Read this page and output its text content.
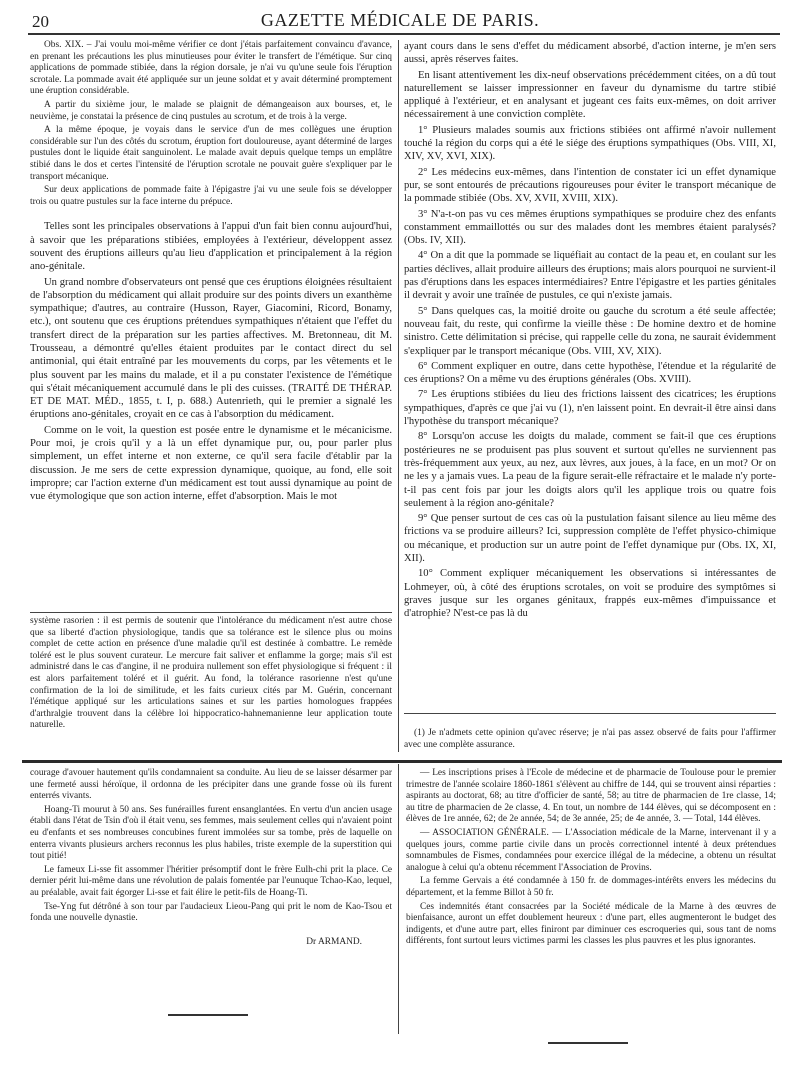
20	GAZETTE MÉDICALE DE PARIS.

Obs. XIX. – J'ai voulu moi-même vérifier ce dont j'étais parfaitement convaincu d'avance, en prenant les précautions les plus minutieuses pour éviter le transfert de l'émétique. Sur cinq applications de pommade stibiée, dans la région dorsale, je n'ai vu qu'une seule fois l'éruption scrotale. La pommade avait été appliquée sur un jeune soldat et y avait déterminé promptement une éruption considérable.

A partir du sixième jour, le malade se plaignit de démangeaison aux bourses, et, le neuvième, je constatai la présence de cinq pustules au scrotum, et de trois à la verge.

A la même époque, je voyais dans le service d'un de mes collègues une éruption considérable sur l'un des côtés du scrotum, éruption fort douloureuse, ayant déterminé de larges pustules dont le liquide était sanguinolent. Le malade avait depuis quelque temps un emplâtre stibié dans le dos et certes l'intensité de l'éruption scrotale ne pouvait guère s'expliquer par le transport mécanique.

Sur deux applications de pommade faite à l'épigastre j'ai vu une seule fois se développer trois ou quatre pustules sur la face interne du prépuce.

Telles sont les principales observations à l'appui d'un fait bien connu aujourd'hui, à savoir que les préparations stibiées, employées à l'extérieur, développent assez souvent des éruptions ailleurs qu'au lieu d'application et principalement à la région ano-génitale.

Un grand nombre d'observateurs ont pensé que ces éruptions éloignées résultaient de l'absorption du médicament qui allait produire sur des points divers un exanthème sympathique; d'autres, au contraire (Husson, Rayer, Giacomini, Ricord, Bonamy, etc.), ont soutenu que ces éruptions prétendues sympathiques n'étaient que l'effet du transfert direct de la préparation sur les parties affectives. M. Bretonneau, dit M. Trousseau, a démontré qu'elles étaient produites par le contact direct du sel antimonial, qui était entraîné par les mouvements du corps, par les vêtements et le plus souvent par les mains du malade, et il a pu constater l'existence de l'émétique qui s'était mécaniquement accumulé dans le pli des cuisses. (TRAITÉ DE THÉRAP. ET DE MAT. MÉD., 1855, t. I, p. 688.) Autenrieth, qui le premier a signalé les éruptions ano-génitales, croyait en ce cas à l'absorption du médicament.

Comme on le voit, la question est posée entre le dynamisme et le mécanicisme. Pour moi, je crois qu'il y a là un effet dynamique pur, ou, pour parler plus simplement, un effet interne et non externe, ce qu'il sera facile d'établir par la discussion. Je me sers de cette expression dynamique, quoique, au fond, elle soit impropre; car l'action externe d'un médicament est tout aussi dynamique au point de vue étymologique que son action interne, effet d'absorption. Mais le mot

système rasorien : il est permis de soutenir que l'intolérance du médicament n'est autre chose que sa liberté d'action physiologique, tandis que sa tolérance est le silence plus ou moins complet de cette action en présence d'une maladie qu'il est destinée à combattre. Le remède toléré est le plus souvent curateur. Le mercure fait saliver et enflamme la gorge; mais s'il est administré dans le cas d'angine, il ne produira nullement son effet physiologique si fréquent : il est alors parfaitement toléré et il guérit. Au fond, la tolérance rasorienne n'est qu'une confirmation de la loi de similitude, et les faits curieux cités par M. Guérin, concernant l'émétique appliqué sur les articulations saines et sur les parties homologues frappées d'arthralgie trouvent dans la célèbre loi hippocratico-hahnemanienne leur application toute naturelle.

ayant cours dans le sens d'effet du médicament absorbé, d'action interne, je m'en sers aussi, après réserves faites.

En lisant attentivement les dix-neuf observations précédemment citées, on a dû tout naturellement se laisser impressionner en faveur du dynamisme du tartre stibié appliqué à l'extérieur, et en analysant et jugeant ces faits eux-mêmes, on doit arriver nécessairement à une conviction complète.

1° Plusieurs malades soumis aux frictions stibiées ont affirmé n'avoir nullement touché la région du corps qui a été le siége des éruptions sympathiques (Obs. VIII, XI, XIV, XV, XVI, XIX).

2° Les médecins eux-mêmes, dans l'intention de constater ici un effet dynamique pur, se sont entourés de précautions rigoureuses pour éviter le transport mécanique de la pommade stibiée (Obs. XV, XVII, XVIII, XIX).

3° N'a-t-on pas vu ces mêmes éruptions sympathiques se produire chez des enfants constamment emmaillottés ou sur des malades dont les membres étaient paralysés? (Obs. IV, XII).

4° On a dit que la pommade se liquéfiait au contact de la peau et, en coulant sur les parties déclives, allait produire ailleurs des éruptions; mais alors pourquoi ne survient-il pas d'éruptions dans les espaces intermédiaires? Entre l'épigastre et les parties génitales il devrait y avoir une traînée de pustules, ce qui n'existe jamais.

5° Dans quelques cas, la moitié droite ou gauche du scrotum a été seule affectée; nouveau fait, du reste, qui confirme la vieille thèse : De homine dextro et de homine sinistro. Cette délimitation si précise, qui rappelle celle du zona, ne saurait évidemment s'expliquer par le transport mécanique (Obs. VIII, XV, XIX).

6° Comment expliquer en outre, dans cette hypothèse, l'étendue et la régularité de ces éruptions? On a même vu des éruptions générales (Obs. XVIII).

7° Les éruptions stibiées du lieu des frictions laissent des cicatrices; les éruptions sympathiques, d'après ce que j'ai vu (1), n'en laissent point. En devrait-il être ainsi dans l'hypothèse du transport mécanique?

8° Lorsqu'on accuse les doigts du malade, comment se fait-il que ces éruptions postérieures ne se produisent pas plus souvent et surtout qu'elles ne surviennent pas très-fréquemment aux yeux, au nez, aux lèvres, aux joues, à la face, en un mot? Or on ne les y a jamais vues. La peau de la figure serait-elle réfractaire et le malade n'y porte-t-il pas cent fois par jour les doigts alors qu'il les applique trois ou quatre fois seulement à la région ano-génitale?

9° Que penser surtout de ces cas où la pustulation faisant silence au lieu même des frictions va se produire ailleurs? Ici, suppression complète de l'effet physico-chimique ou mécanique, et production sur un autre point de l'effet dynamique pur (Obs. IX, XI, XII).

10° Comment expliquer mécaniquement les observations si intéressantes de Lohmeyer, où, à côté des éruptions scrotales, on voit se produire des symptômes si graves jusque sur les organes génitaux, frappés eux-mêmes d'impuissance et d'atrophie? N'est-ce pas là du

(1) Je n'admets cette opinion qu'avec réserve; je n'ai pas assez observé de faits pour l'affirmer avec une complète assurance.

courage d'avouer hautement qu'ils condamnaient sa conduite. Au lieu de se laisser désarmer par une fermeté aussi héroïque, il ordonna de les précipiter dans une grande fosse où ils furent enterrés vivants.

Hoang-Ti mourut à 50 ans. Ses funérailles furent ensanglantées. En vertu d'un ancien usage établi dans l'état de Tsin d'où il était venu, ses femmes, mais seulement celles qui n'avaient point eu d'enfants et ses nombreuses concubines furent immolées sur sa tombe, près de laquelle on enterra vivants plusieurs archers reconnus les plus habiles, triste exemple de la superstition qui tout pitié!

Le fameux Li-sse fit assommer l'héritier présomptif dont le frère Eulh-chi prit la place. Ce dernier périt lui-même dans une révolution de palais fomentée par l'eunuque Tchao-Kao, lequel, au préalable, avait fait égorger Li-sse et fait élire le petit-fils de Hoang-Ti.

Tse-Yng fut détrôné à son tour par l'audacieux Lieou-Pang qui prit le nom de Kao-Tsou et fonda une nouvelle dynastie.

Dr ARMAND.

— Les inscriptions prises à l'Ecole de médecine et de pharmacie de Toulouse pour le premier trimestre de l'année scolaire 1860-1861 s'élèvent au chiffre de 144, qui se trouvent ainsi réparties : aspirants au doctorat, 68; au titre d'officier de santé, 58; au titre de pharmacien de 1re classe, 14; au titre de pharmacien de 2e classe, 4. En tout, un nombre de 144 élèves, qui se décomposent en : élèves de 1re année, 62; de 2e année, 54; de 3e année, 25; de 4e année, 3. — Total, 144 élèves.

— ASSOCIATION GÉNÉRALE. — L'Association médicale de la Marne, intervenant il y a quelques jours, comme partie civile dans un procès correctionnel intenté à deux prétendues somnambules de Fismes, condamnées pour exercice illégal de la médecine, a obtenu un résultat analogue à celui qu'a obtenu récemment l'Association de Provins.

La femme Gervais a été condamnée à 150 fr. de dommages-intérêts envers les médecins du département, et la femme Billot à 50 fr.

Ces indemnités étant consacrées par la Société médicale de la Marne à des œuvres de bienfaisance, auront un effet doublement heureux : d'une part, elles augmenteront le budget des indigents, et d'une autre part, elles finiront par diminuer ces escroqueries qui, sous tant de noms différents, font surtout leurs victimes parmi les classes les plus pauvres et les plus ignorantes.
